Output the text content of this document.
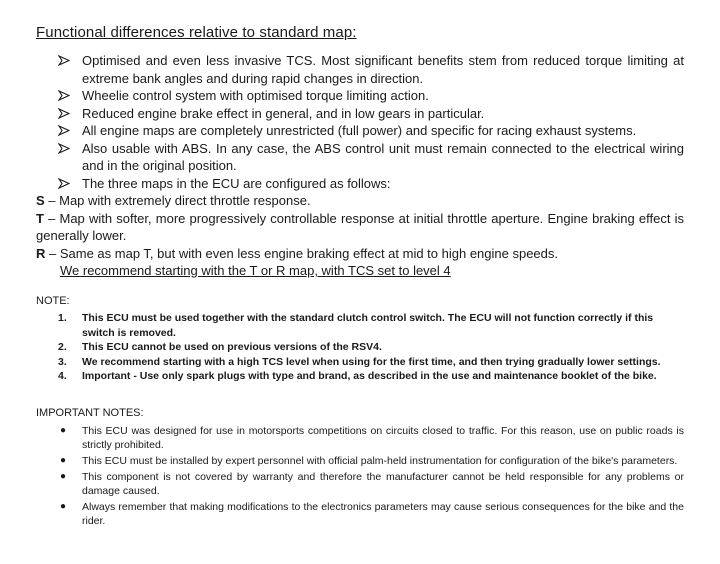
Functional differences relative to standard map:
Optimised and even less invasive TCS. Most significant benefits stem from reduced torque limiting at extreme bank angles and during rapid changes in direction.
Wheelie control system with optimised torque limiting action.
Reduced engine brake effect in general, and in low gears in particular.
All engine maps are completely unrestricted (full power) and specific for racing exhaust systems.
Also usable with ABS. In any case, the ABS control unit must remain connected to the electrical wiring and in the original position.
The three maps in the ECU are configured as follows:

S – Map with extremely direct throttle response.

T – Map with softer, more progressively controllable response at initial throttle aperture. Engine braking effect is generally lower.

R – Same as map T, but with even less engine braking effect at mid to high engine speeds.

We recommend starting with the T or R map, with TCS set to level 4
NOTE:
1. This ECU must be used together with the standard clutch control switch. The ECU will not function correctly if this switch is removed.
2. This ECU cannot be used on previous versions of the RSV4.
3. We recommend starting with a high TCS level when using for the first time, and then trying gradually lower settings.
4. Important - Use only spark plugs with type and brand, as described in the use and maintenance booklet of the bike.
IMPORTANT NOTES:
● This ECU was designed for use in motorsports competitions on circuits closed to traffic. For this reason, use on public roads is strictly prohibited.
● This ECU must be installed by expert personnel with official palm-held instrumentation for configuration of the bike's parameters.
● This component is not covered by warranty and therefore the manufacturer cannot be held responsible for any problems or damage caused.
● Always remember that making modifications to the electronics parameters may cause serious consequences for the bike and the rider.
